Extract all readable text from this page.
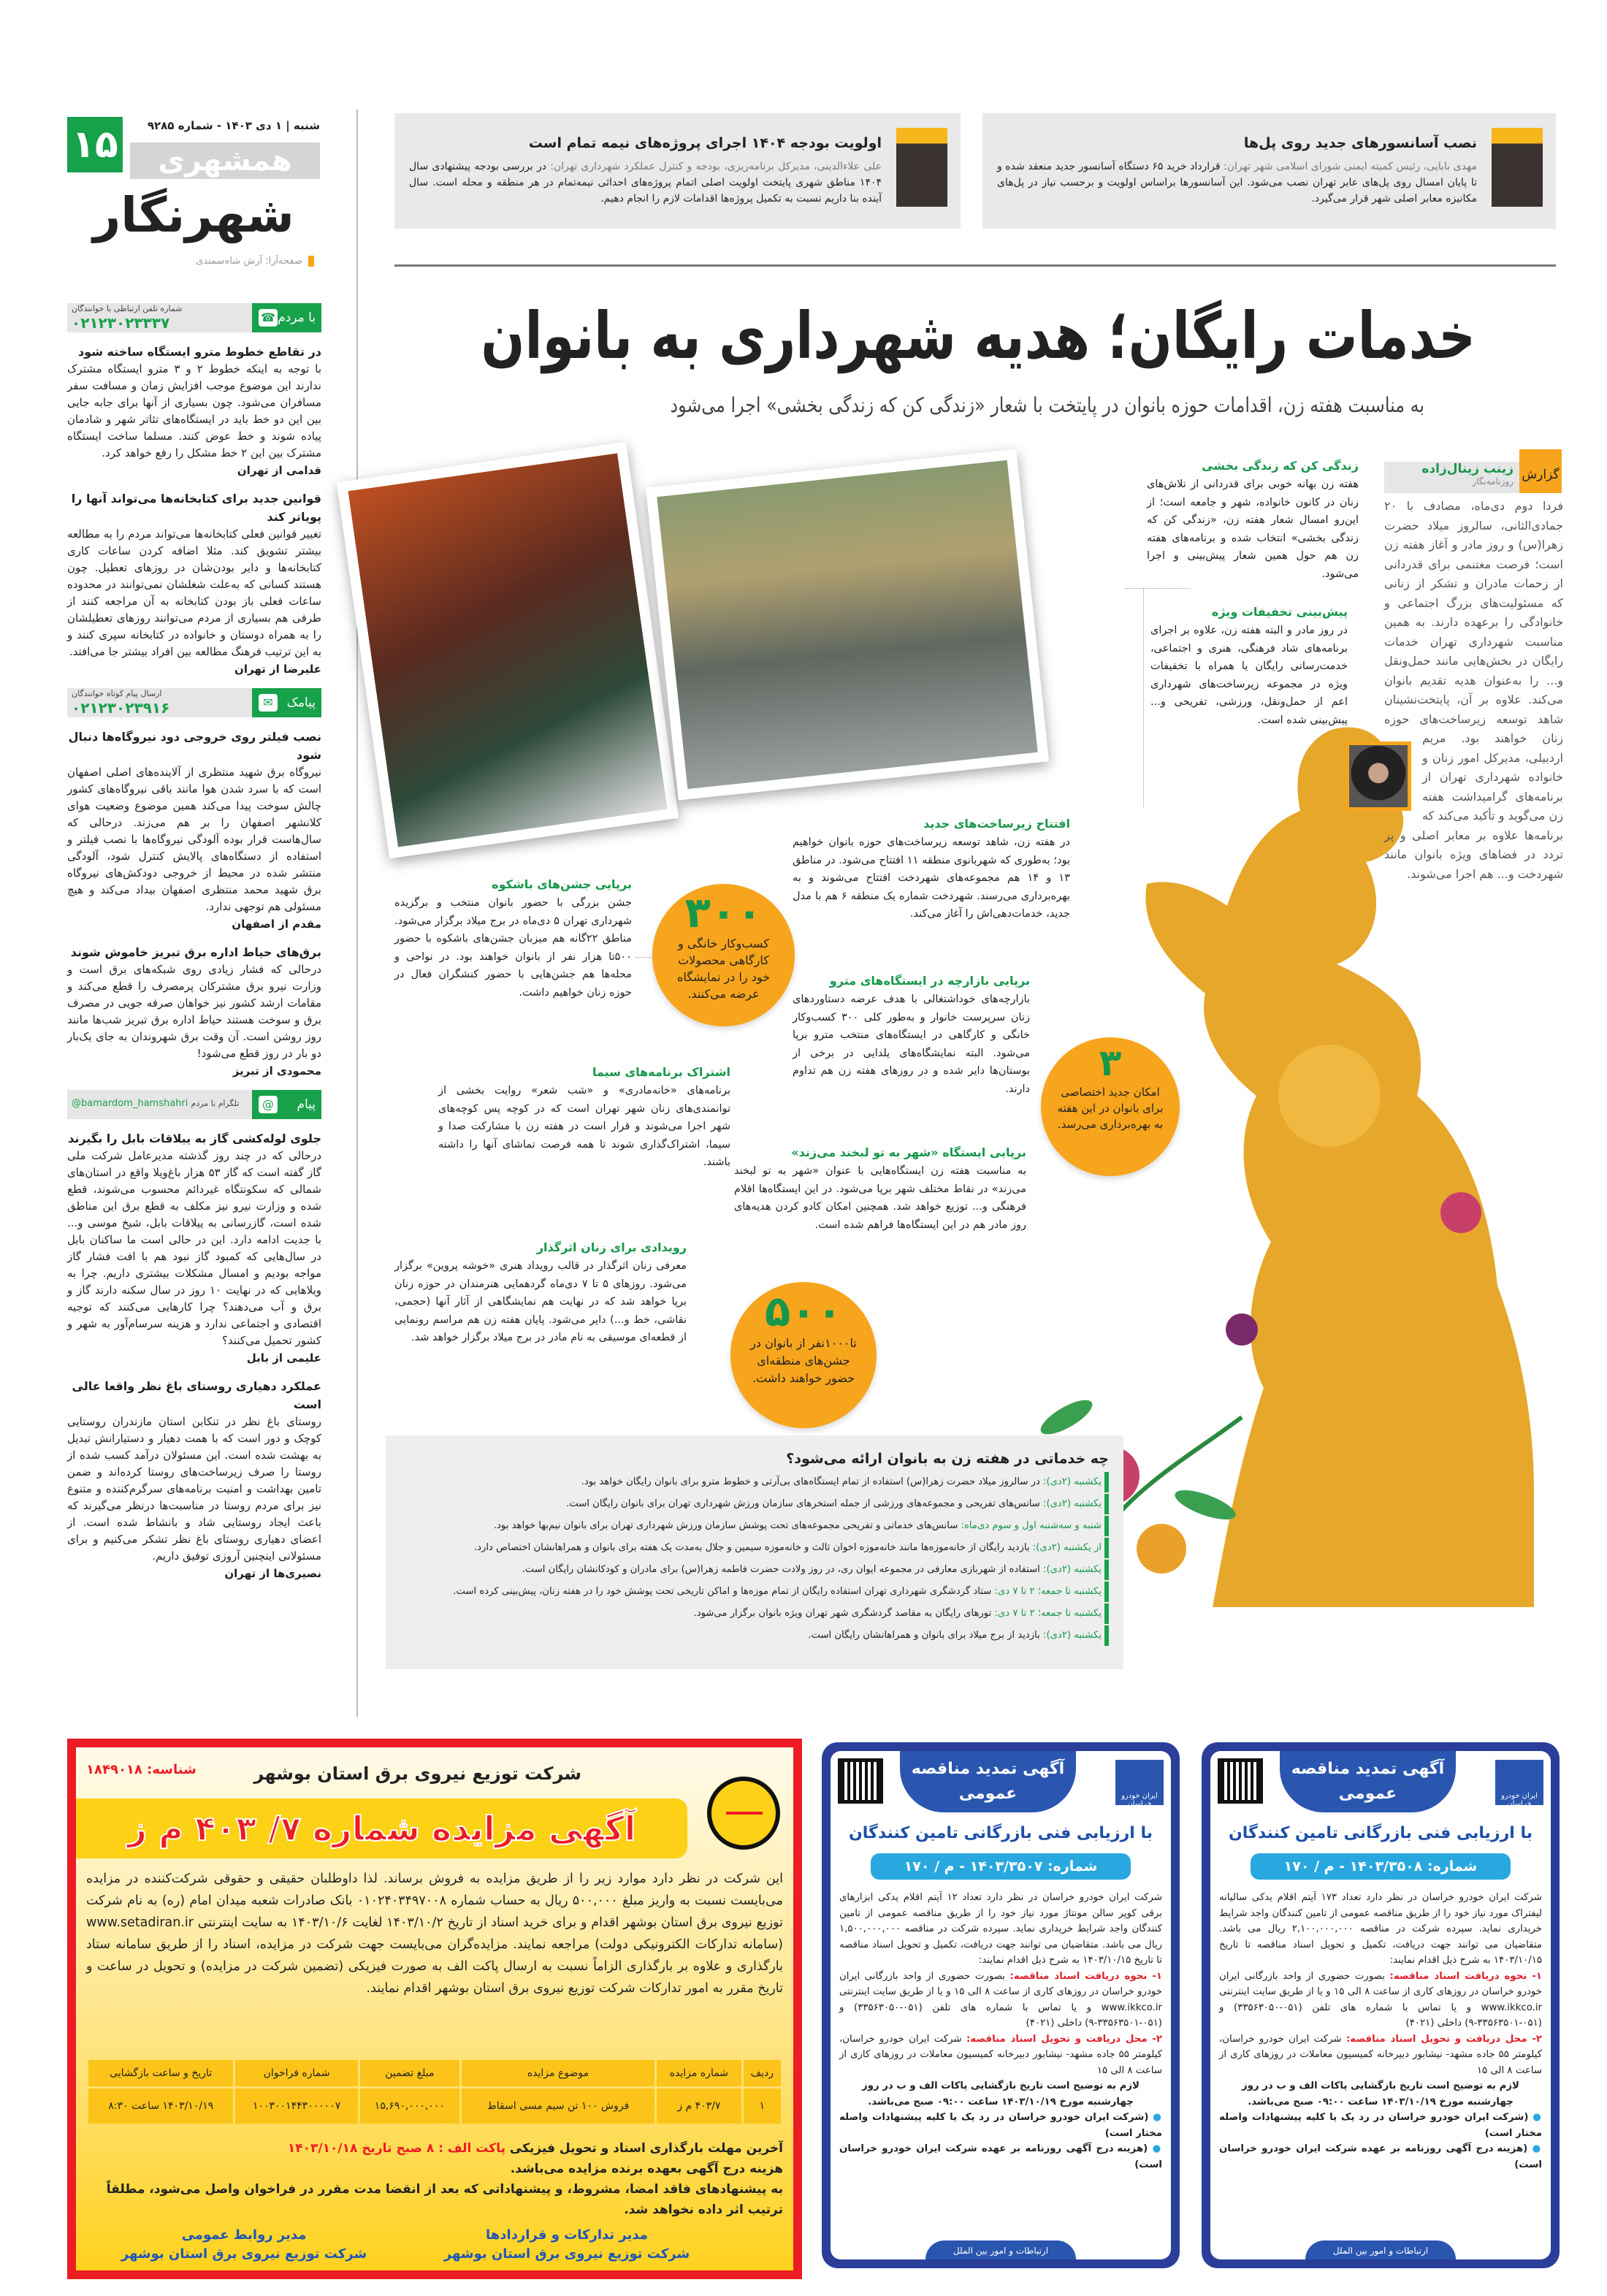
۱۵	شنبه | ۱ دی ۱۴۰۳ - شماره ۹۲۸۵
همشهری
شهرنگار
صفحه‌آرا: آرش شاه‌سمندی
نصب آسانسورهای جدید روی پل‌ها
مهدی بابایی، رئیس کمیته ایمنی شورای اسلامی شهر تهران: قرارداد خرید ۶۵ دستگاه آسانسور جدید منعقد شده و تا پایان امسال روی پل‌های عابر تهران نصب می‌شود. این آسانسورها براساس اولویت و برحسب نیاز در پل‌های مکانیزه معابر اصلی شهر قرار می‌گیرد.
اولویت بودجه ۱۴۰۴ اجرای پروژه‌های نیمه تمام است
علی علاءالدینی، مدیرکل برنامه‌ریزی، بودجه و کنترل عملکرد شهرداری تهران: در بررسی بودجه پیشنهادی سال ۱۴۰۴ مناطق شهری پایتخت اولویت اصلی اتمام پروژه‌های احداثی نیمه‌تمام در هر منطقه و محله است. سال آینده بنا داریم نسبت به تکمیل پروژه‌ها اقدامات لازم را انجام دهیم.
با مردم
☎
شماره تلفن ارتباطی با خوانندگان
۰۲۱۲۳۰۲۳۳۳۷
در تقاطع خطوط مترو ایستگاه ساخته شود

با توجه به اینکه خطوط ۲ و ۳ مترو ایستگاه مشترک ندارند این موضوع موجب افزایش زمان و مسافت سفر مسافران می‌شود. چون بسیاری از آنها برای جابه جایی بین این دو خط باید در ایستگاه‌های تئاتر شهر و شادمان پیاده شوند و خط عوض کنند. مسلما ساخت ایستگاه مشترک بین این ۲ خط مشکل را رفع خواهد کرد.

قدامی از تهران
قوانین جدید برای کتابخانه‌ها می‌تواند آنها را پویاتر کند

تغییر قوانین فعلی کتابخانه‌ها می‌تواند مردم را به مطالعه بیشتر تشویق کند. مثلا اضافه کردن ساعات کاری کتابخانه‌ها و دایر بودن‌شان در روزهای تعطیل. چون هستند کسانی که به‌علت شغلشان نمی‌توانند در محدوده ساعات فعلی باز بودن کتابخانه به آن مراجعه کنند از طرفی هم بسیاری از مردم می‌توانند روزهای تعطیلشان را به همراه دوستان و خانواده در کتابخانه سپری کنند و به این ترتیب فرهنگ مطالعه بین افراد بیشتر جا می‌افتد.

علیرضا از تهران
پیامک
✉
ارسال پیام کوتاه خوانندگان
۰۲۱۲۳۰۲۳۹۱۶
نصب فیلتر روی خروجی دود نیروگاه‌ها دنبال شود

نیروگاه برق شهید منتظری از آلاینده‌های اصلی اصفهان است که با سرد شدن هوا مانند باقی نیروگاه‌های کشور چالش سوخت پیدا می‌کند همین موضوع وضعیت هوای کلانشهر اصفهان را بر هم می‌زند. درحالی که سال‌هاست قرار بوده آلودگی نیروگاه‌ها با نصب فیلتر و استفاده از دستگاه‌های پالایش کنترل شود، آلودگی منتشر شده در محیط از خروجی دودکش‌های نیروگاه برق شهید محمد منتظری اصفهان بیداد می‌کند و هیچ مسئولی هم توجهی ندارد.

مقدم از اصفهان
برق‌های حیاط اداره برق تبریز خاموش شوند

درحالی که فشار زیادی روی شبکه‌های برق است و وزارت نیرو برق مشترکان پرمصرف را قطع می‌کند و مقامات ارشد کشور نیز خواهان صرفه جویی در مصرف برق و سوخت هستند حیاط اداره برق تبریز شب‌ها مانند روز روشن است. آن وقت برق شهروندان به جای یک‌بار دو بار در روز قطع می‌شود!

محمودی از تبریز
پیام
@
@bamardom_hamshahri تلگرام با مردم
جلوی لوله‌کشی گاز به ییلاقات بابل را بگیرند

درحالی که در چند روز گذشته مدیرعامل شرکت ملی گاز گفته است که گاز ۵۳ هزار باغ‌ویلا واقع در استان‌های شمالی که سکونتگاه غیردائم محسوب می‌شوند، قطع شده و وزارت نیرو نیز مکلف به قطع برق این مناطق شده است، گازرسانی به ییلاقات بابل، شیخ موسی و... با جدیت ادامه دارد. این در حالی است ما ساکنان بابل در سال‌هایی که کمبود گاز نبود هم با افت فشار گاز مواجه بودیم و امسال مشکلات بیشتری داریم. چرا به ویلاهایی که در نهایت ۱۰ روز در سال سکنه دارند گاز و برق و آب می‌دهند؟ چرا کارهایی می‌کنند که توجیه اقتصادی و اجتماعی ندارد و هزینه سرسام‌آور به شهر و کشور تحمیل می‌کنند؟

علیمی از بابل
عملکرد دهیاری روستای باغ نظر واقعا عالی است

روستای باغ نظر در تنکابن استان مازندران روستایی کوچک و دور است که با همت دهیار و دستیارانش تبدیل به بهشت شده است. این مسئولان درآمد کسب شده از روستا را صرف زیرساخت‌های روستا کرده‌اند و ضمن تامین بهداشت و امنیت برنامه‌های سرگرم‌کننده و متنوع نیز برای مردم روستا در مناسبت‌ها درنظر می‌گیرند که باعث ایجاد روستایی شاد و بانشاط شده است. از اعضای دهیاری روستای باغ نظر تشکر می‌کنیم و برای مسئولانی اینچنین آروزی توفیق داریم.

نصیری‌ها از تهران
خدمات رایگان؛ هدیه شهرداری به بانوان
به مناسبت هفته زن، اقدامات حوزه بانوان در پایتخت با شعار «زندگی کن که زندگی بخشی» اجرا می‌شود
زینب زینال‌زاده
روزنامه‌نگار گزارش
فردا دوم دی‌ماه، مصادف با ۲۰ جمادی‌الثانی، سالروز میلاد حضرت زهرا(س) و روز مادر و آغاز هفته زن است؛ فرصت مغتنمی برای قدردانی از زحمات مادران و تشکر از زنانی که مسئولیت‌های بزرگ اجتماعی و خانوادگی را برعهده دارند. به همین مناسبت شهرداری تهران خدمات رایگان در بخش‌هایی مانند حمل‌ونقل و... را به‌عنوان هدیه تقدیم بانوان می‌کند. علاوه بر آن، پایتخت‌نشینان شاهد توسعه زیرساخت‌های حوزه زنان خواهند بود. مریم اردبیلی، مدیرکل امور زنان و خانواده شهرداری تهران از برنامه‌های گرامیداشت هفته زن می‌گوید و تأکید می‌کند که برنامه‌ها علاوه بر معابر اصلی و پر تردد در فضاهای ویژه بانوان مانند شهردخت و... هم اجرا می‌شوند.
زندگی کن که زندگی بخشی

هفته زن بهانه خوبی برای قدردانی از تلاش‌های زنان در کانون خانواده، شهر و جامعه است؛ از این‌رو امسال شعار هفته زن، «زندگی کن که زندگی بخشی» انتخاب شده و برنامه‌های هفته زن هم حول همین شعار پیش‌بینی و اجرا می‌شود.

پیش‌بینی تخفیفات ویژه

در روز مادر و البته هفته زن، علاوه بر اجرای برنامه‌های شاد فرهنگی، هنری و اجتماعی، خدمت‌رسانی رایگان یا همراه با تخفیفات ویژه در مجموعه زیرساخت‌های شهرداری اعم از حمل‌ونقل، ورزشی، تفریحی و... پیش‌بینی شده است.

افتتاح زیرساخت‌های جدید

در هفته زن، شاهد توسعه زیرساخت‌های حوزه بانوان خواهیم بود؛ به‌طوری که شهربانوی منطقه ۱۱ افتتاح می‌شود. در مناطق ۱۳ و ۱۴ هم مجموعه‌های شهردخت افتتاح می‌شوند و به بهره‌برداری می‌رسند. شهردخت شماره یک منطقه ۶ هم با مدل جدید، خدمات‌دهی‌اش را آغاز می‌کند.

برپایی جشن‌های باشکوه

جشن بزرگی با حضور بانوان منتخب و برگزیده شهرداری تهران ۵ دی‌ماه در برج میلاد برگزار می‌شود. مناطق ۲۲گانه هم میزبان جشن‌های باشکوه با حضور ۵۰۰تا هزار نفر از بانوان خواهند بود. در نواحی و محله‌ها هم جشن‌هایی با حضور کنشگران فعال در حوزه زنان خواهیم داشت.

برپایی بازارچه در ایستگاه‌های مترو

بازارچه‌های خوداشتغالی با هدف عرضه دستاوردهای زنان سرپرست خانوار و به‌طور کلی ۳۰۰ کسب‌وکار خانگی و کارگاهی در ایستگاه‌های منتخب مترو برپا می‌شود. البته نمایشگاه‌های یلدایی در برخی از بوستان‌ها دایر شده و در روزهای هفته زن هم تداوم دارند.

اشتراک برنامه‌های سیما

برنامه‌های «خانه‌مادری» و «شب شعر» روایت بخشی از توانمندی‌های زنان شهر تهران است که در کوچه پس کوچه‌های شهر اجرا می‌شوند و قرار است در هفته زن با مشارکت صدا و سیما، اشتراک‌گذاری شوند تا همه فرصت تماشای آنها را داشته باشند.

برپایی ایستگاه «شهر به تو لبخند می‌زند»

به مناسبت هفته زن ایستگاه‌هایی با عنوان «شهر به تو لبخند می‌زند» در نقاط مختلف شهر برپا می‌شود. در این ایستگاه‌ها اقلام فرهنگی و... توزیع خواهد شد. همچنین امکان کادو کردن هدیه‌های روز مادر هم در این ایستگاه‌ها فراهم شده است.

رویدادی برای زنان اثرگذار

معرفی زنان اثرگذار در قالب رویداد هنری «خوشه پروین» برگزار می‌شود. روزهای ۵ تا ۷ دی‌ماه گردهمایی هنرمندان در حوزه زنان برپا خواهد شد که در نهایت هم نمایشگاهی از آثار آنها (حجمی، نقاشی، خط و...) دایر می‌شود. پایان هفته زن هم مراسم رونمایی از قطعه‌ای موسیقی به نام مادر در برج میلاد برگزار خواهد شد.

۳۰۰
کسب‌وکار خانگی و کارگاهی محصولات خود را در نمایشگاه عرضه می‌کنند.
۳
امکان جدید اختصاصی برای بانوان در این هفته به بهره‌برداری می‌رسد.
۵۰۰
تا۱۰۰۰نفر از بانوان در جشن‌های منطقه‌ای حضور خواهند داشت.
چه خدماتی در هفته زن به بانوان ارائه می‌شود؟
یکشنبه (۲دی): در سالروز میلاد حضرت زهرا(س) استفاده از تمام ایستگاه‌های بی‌آرتی و خطوط مترو برای بانوان رایگان خواهد بود.
یکشنبه (۲دی): سانس‌های تفریحی و مجموعه‌های ورزشی از جمله استخرهای سازمان ورزش شهرداری تهران برای بانوان رایگان است.
شنبه و سه‌شنبه اول و سوم دی‌ماه: سانس‌های خدماتی و تفریحی مجموعه‌های تحت پوشش سازمان ورزش شهرداری تهران برای بانوان نیم‌بها خواهد بود.
از یکشنبه (۲دی): بازدید رایگان از خانه‌موزه‌ها مانند خانه‌موزه اخوان ثالث و خانه‌موزه سیمین و جلال به‌مدت یک هفته برای بانوان و همراهانشان اختصاص دارد.
یکشنبه (۲دی): استفاده از شهربازی معارفی در مجموعه ایوان ری، در روز ولادت حضرت فاطمه زهرا(س) برای مادران و کودکانشان رایگان است.
یکشنبه تا جمعه؛ ۲ تا ۷ دی: ستاد گردشگری شهرداری تهران استفاده رایگان از تمام موزه‌ها و اماکن تاریخی تحت پوشش خود را در هفته زنان، پیش‌بینی کرده است.
یکشنبه تا جمعه؛ ۲ تا ۷ دی: تورهای رایگان به مقاصد گردشگری شهر تهران ویژه بانوان برگزار می‌شود.
یکشنبه (۲دی): بازدید از برج میلاد برای بانوان و همراهانشان رایگان است.
شرکت توزیع نیروی برق استان بوشهر
شناسه: ۱۸۴۹۰۱۸
آگهی مزایده شماره ۷/ ۴۰۳ م ز
این شرکت در نظر دارد موارد زیر را از طریق مزایده به فروش برساند. لذا داوطلبان حقیقی و حقوقی شرکت‌کننده در مزایده می‌بایست نسبت به واریز مبلغ ۵۰۰,۰۰۰ ریال به حساب شماره ۰۱۰۲۴۰۳۴۹۷۰۰۸ بانک صادرات شعبه میدان امام (ره) به نام شرکت توزیع نیروی برق استان بوشهر اقدام و برای خرید اسناد از تاریخ ۱۴۰۳/۱۰/۲ لغایت ۱۴۰۳/۱۰/۶ به سایت اینترنتی www.setadiran.ir (سامانه تدارکات الکترونیکی دولت) مراجعه نمایند. مزایده‌گران می‌بایست جهت شرکت در مزایده، اسناد را از طریق سامانه ستاد بارگذاری و علاوه بر بارگذاری الزاماً نسبت به ارسال پاکت الف به صورت فیزیکی (تضمین شرکت در مزایده) و تحویل در ساعت و تاریخ مقرر به امور تدارکات شرکت توزیع نیروی برق استان بوشهر اقدام نمایند.
ردیف	شماره مزایده	موضوع مزایده	مبلغ تضمین	شماره فراخوان	تاریخ و ساعت بازگشایی
۱	۴۰۳/۷ م ز	فروش ۱۰۰ تن سیم مسی اسقاط	۱۵,۶۹۰,۰۰۰,۰۰۰	۱۰۰۳۰۰۱۴۴۳۰۰۰۰۰۷	۱۴۰۳/۱۰/۱۹ ساعت ۸:۳۰
آخرین مهلت بارگذاری اسناد و تحویل فیزیکی پاکت الف : ۸ صبح تاریخ ۱۴۰۳/۱۰/۱۸
هزینه درج آگهی بعهده برنده مزایده می‌باشد.
به پیشنهادهای فاقد امضا، مشروط، و پیشنهاداتی که بعد از انقضا مدت مقرر در فراخوان واصل می‌شود، مطلقاً ترتیب اثر داده نخواهد شد.
مدیر تدارکات و قراردادها
شرکت توزیع نیروی برق استان بوشهر
مدیر روابط عمومی
شرکت توزیع نیروی برق استان بوشهر
آگهی تمدید مناقصه عمومی	ایران خودرو خراسان
با ارزیابی فنی بازرگانی تامین کنندگان
شماره: ۱۴۰۳/۳۵۰۸ - م / ۱۷۰
شرکت ایران خودرو خراسان در نظر دارد تعداد ۱۷۳ آیتم اقلام یدکی سالیانه لیفتراک مورد نیاز خود را از طریق مناقصه عمومی از تامین کنندگان واجد شرایط خریداری نماید. سپرده شرکت در مناقصه ۲,۱۰۰,۰۰۰,۰۰۰ ریال می باشد. متقاضیان می توانند جهت دریافت، تکمیل و تحویل اسناد مناقصه تا تاریخ ۱۴۰۳/۱۰/۱۵ به شرح ذیل اقدام نمایند:
۱- نحوه دریافت اسناد مناقصه: بصورت حضوری از واحد بازرگانی ایران خودرو خراسان در روزهای کاری از ساعت ۸ الی ۱۵ و یا از طریق سایت اینترنتی www.ikkco.ir و یا تماس با شماره های تلفن (۰۵۱-۳۳۵۶۳۰۵۰) و (۰۵۱-۳۳۵۶۳۵۰۱-۹) داخلی (۴۰۲۱)
۲- محل دریافت و تحویل اسناد مناقصه: شرکت ایران خودرو خراسان، کیلومتر ۵۵ جاده مشهد- نیشابور دبیرخانه کمیسیون معاملات در روزهای کاری از ساعت ۸ الی ۱۵
لازم به توضیح است تاریخ بازگشایی پاکات الف و ب در روز چهارشنبه مورخ ۱۴۰۳/۱۰/۱۹ ساعت ۰۹:۰۰ صبح می‌باشد.
● (شرکت ایران خودرو خراسان در رد یک یا کلیه پیشنهادات واصله مختار است)
● (هزینه درج آگهی روزنامه بر عهده شرکت ایران خودرو خراسان است)
ارتباطات و امور بین الملل
آگهی تمدید مناقصه عمومی	ایران خودرو خراسان
با ارزیابی فنی بازرگانی تامین کنندگان
شماره: ۱۴۰۳/۳۵۰۷ - م / ۱۷۰
شرکت ایران خودرو خراسان در نظر دارد تعداد ۱۲ آیتم اقلام یدکی ابزارهای برقی کوپر سالن مونتاژ مورد نیاز خود را از طریق مناقصه عمومی از تامین کنندگان واجد شرایط خریداری نماید. سپرده شرکت در مناقصه ۱,۵۰۰,۰۰۰,۰۰۰ ریال می باشد. متقاضیان می توانند جهت دریافت، تکمیل و تحویل اسناد مناقصه تا تاریخ ۱۴۰۳/۱۰/۱۵ به شرح ذیل اقدام نمایند:
۱- نحوه دریافت اسناد مناقصه: بصورت حضوری از واحد بازرگانی ایران خودرو خراسان در روزهای کاری از ساعت ۸ الی ۱۵ و یا از طریق سایت اینترنتی www.ikkco.ir و یا تماس با شماره های تلفن (۰۵۱-۳۳۵۶۳۰۵۰) و (۰۵۱-۳۳۵۶۳۵۰۱-۹) داخلی (۴۰۲۱)
۲- محل دریافت و تحویل اسناد مناقصه: شرکت ایران خودرو خراسان، کیلومتر ۵۵ جاده مشهد- نیشابور دبیرخانه کمیسیون معاملات در روزهای کاری از ساعت ۸ الی ۱۵
لازم به توضیح است تاریخ بازگشایی پاکات الف و ب در روز چهارشنبه مورخ ۱۴۰۳/۱۰/۱۹ ساعت ۰۹:۰۰ صبح می‌باشد.
● (شرکت ایران خودرو خراسان در رد یک یا کلیه پیشنهادات واصله مختار است)
● (هزینه درج آگهی روزنامه بر عهده شرکت ایران خودرو خراسان است)
ارتباطات و امور بین الملل
